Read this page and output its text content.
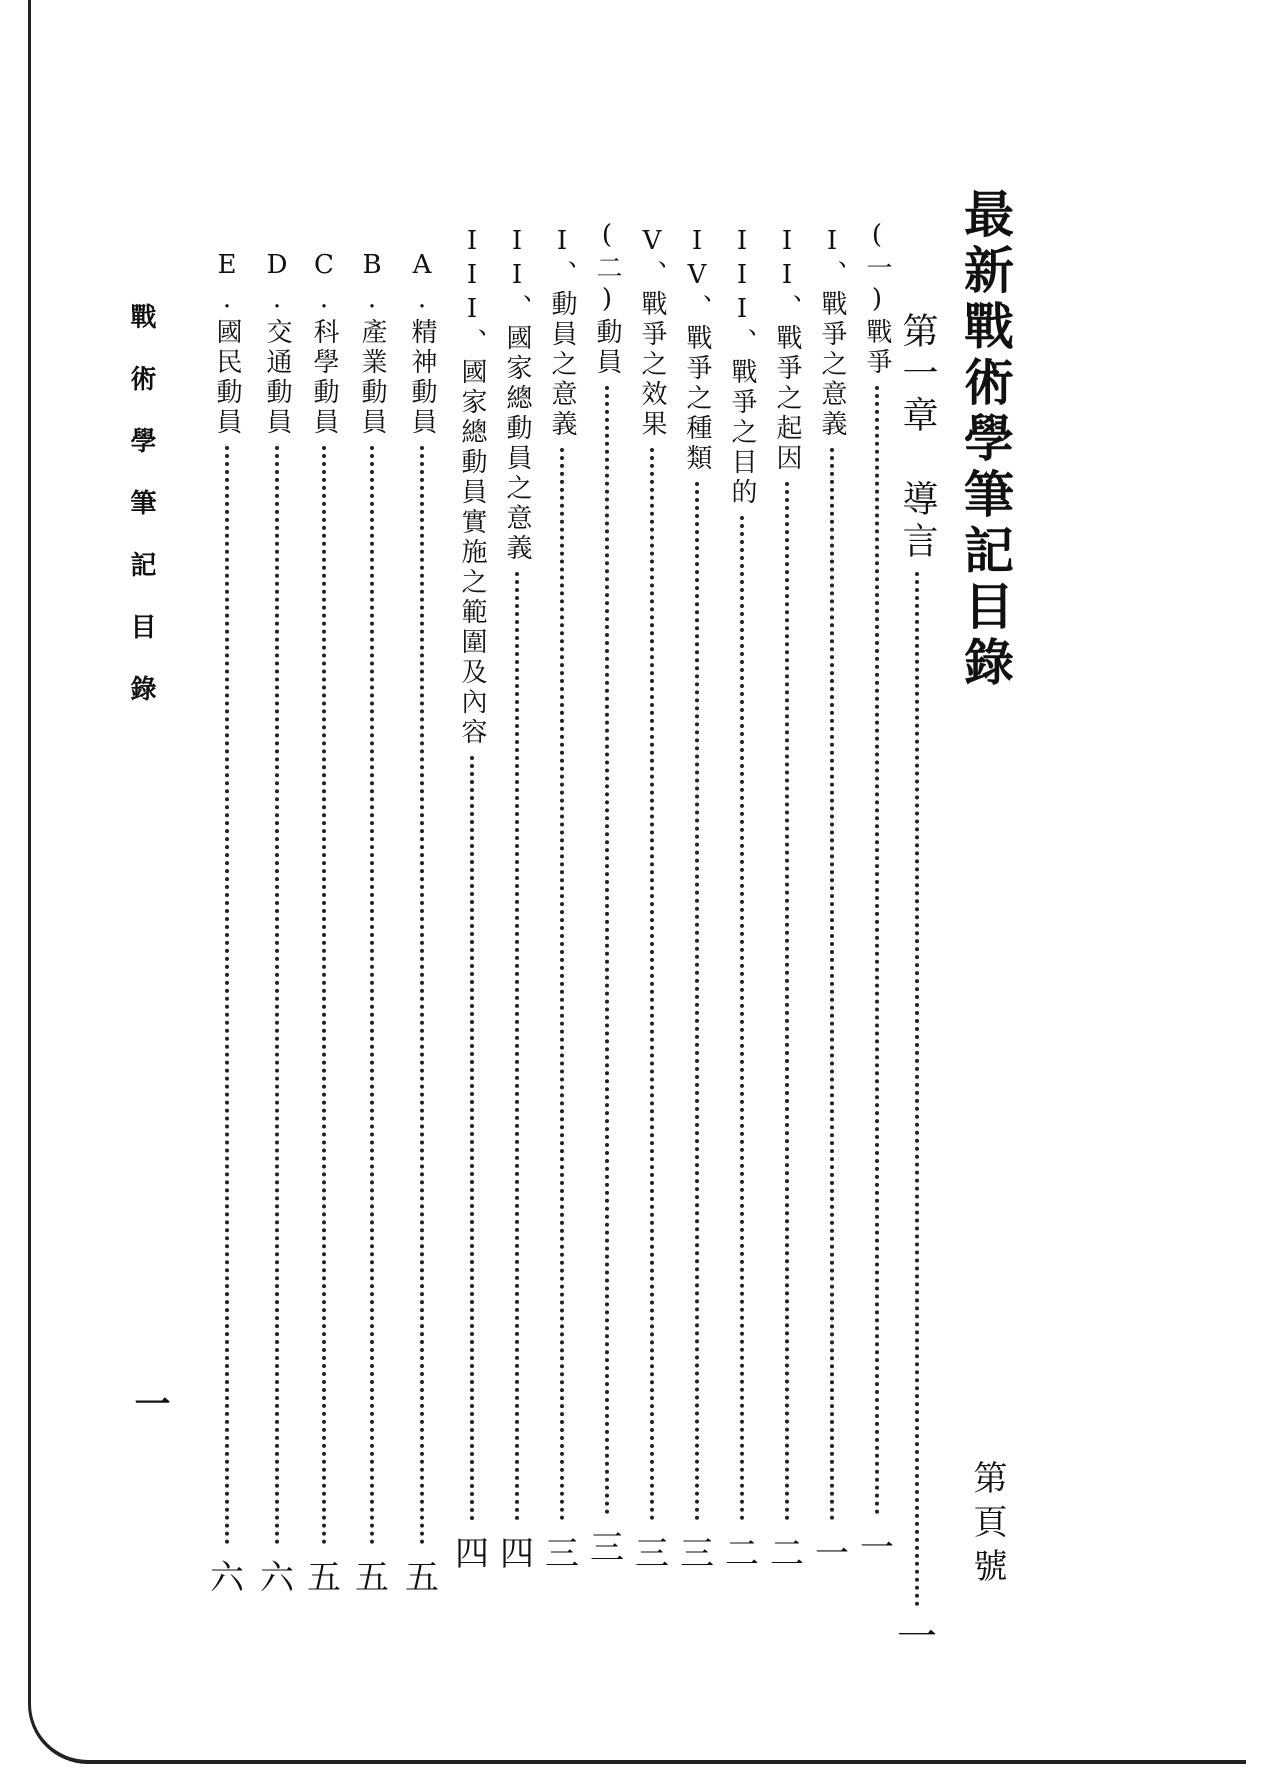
最新戰術學筆記目錄
第頁號
第一章　導言
一
(一)戰爭
一
I、戰爭之意義
一
II、戰爭之起因
二
III、戰爭之目的
二
IV、戰爭之種類
三
V、戰爭之效果
三
(二)動員
三
I、動員之意義
三
II、國家總動員之意義
四
III、國家總動員實施之範圍及內容
四
A.精神動員
五
B.產業動員
五
C.科學動員
五
D.交通動員
六
E.國民動員
六
戰術學筆記目錄
一
